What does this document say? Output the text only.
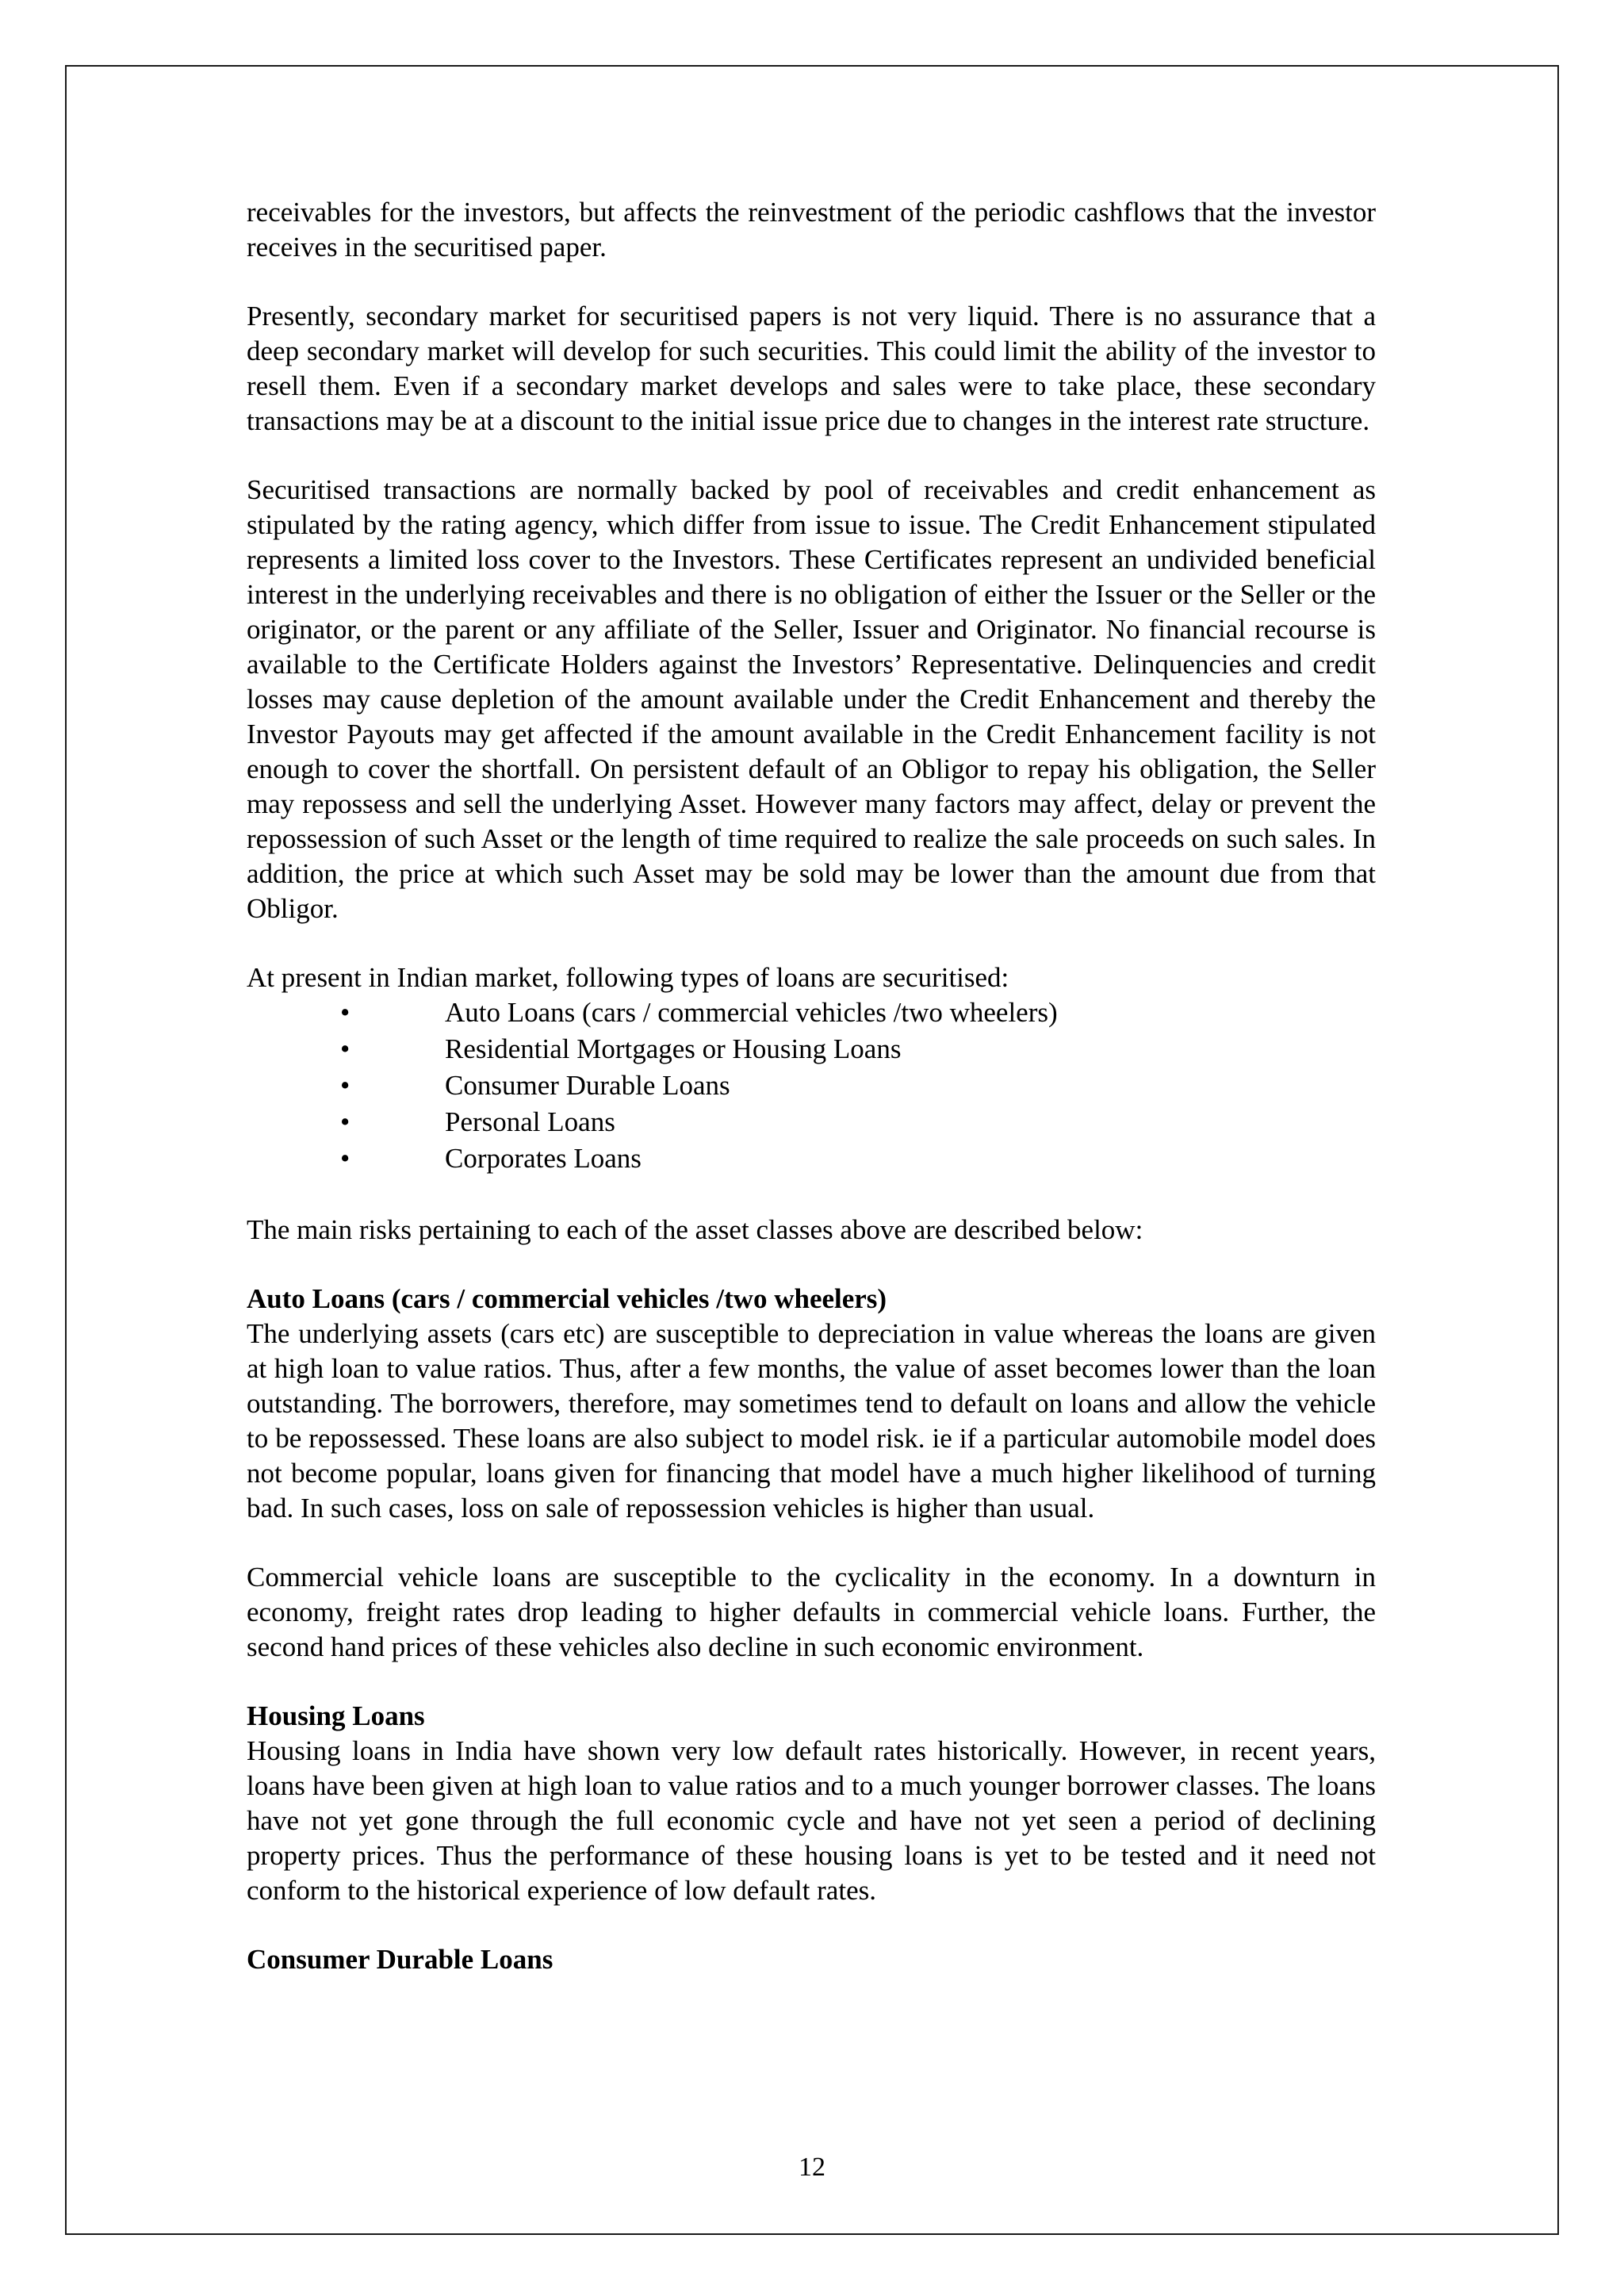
receivables for the investors, but affects the reinvestment of the periodic cashflows that the investor receives in the securitised paper.

Presently, secondary market for securitised papers is not very liquid. There is no assurance that a deep secondary market will develop for such securities. This could limit the ability of the investor to resell them. Even if a secondary market develops and sales were to take place, these secondary transactions may be at a discount to the initial issue price due to changes in the interest rate structure.

Securitised transactions are normally backed by pool of receivables and credit enhancement as stipulated by the rating agency, which differ from issue to issue. The Credit Enhancement stipulated represents a limited loss cover to the Investors. These Certificates represent an undivided beneficial interest in the underlying receivables and there is no obligation of either the Issuer or the Seller or the originator, or the parent or any affiliate of the Seller, Issuer and Originator. No financial recourse is available to the Certificate Holders against the Investors’ Representative. Delinquencies and credit losses may cause depletion of the amount available under the Credit Enhancement and thereby the Investor Payouts may get affected if the amount available in the Credit Enhancement facility is not enough to cover the shortfall. On persistent default of an Obligor to repay his obligation, the Seller may repossess and sell the underlying Asset. However many factors may affect, delay or prevent the repossession of such Asset or the length of time required to realize the sale proceeds on such sales. In addition, the price at which such Asset may be sold may be lower than the amount due from that Obligor.

At present in Indian market, following types of loans are securitised:

•	Auto Loans (cars / commercial vehicles /two wheelers)
•	Residential Mortgages or Housing Loans
•	Consumer Durable Loans
•	Personal Loans
•	Corporates Loans

The main risks pertaining to each of the asset classes above are described below:

Auto Loans (cars / commercial vehicles /two wheelers)

The underlying assets (cars etc) are susceptible to depreciation in value whereas the loans are given at high loan to value ratios. Thus, after a few months, the value of asset becomes lower than the loan outstanding. The borrowers, therefore, may sometimes tend to default on loans and allow the vehicle to be repossessed. These loans are also subject to model risk. ie if a particular automobile model does not become popular, loans given for financing that model have a much higher likelihood of turning bad. In such cases, loss on sale of repossession vehicles is higher than usual.

Commercial vehicle loans are susceptible to the cyclicality in the economy. In a downturn in economy, freight rates drop leading to higher defaults in commercial vehicle loans. Further, the second hand prices of these vehicles also decline in such economic environment.

Housing Loans

Housing loans in India have shown very low default rates historically. However, in recent years, loans have been given at high loan to value ratios and to a much younger borrower classes. The loans have not yet gone through the full economic cycle and have not yet seen a period of declining property prices. Thus the performance of these housing loans is yet to be tested and it need not conform to the historical experience of low default rates.

Consumer Durable Loans
12
